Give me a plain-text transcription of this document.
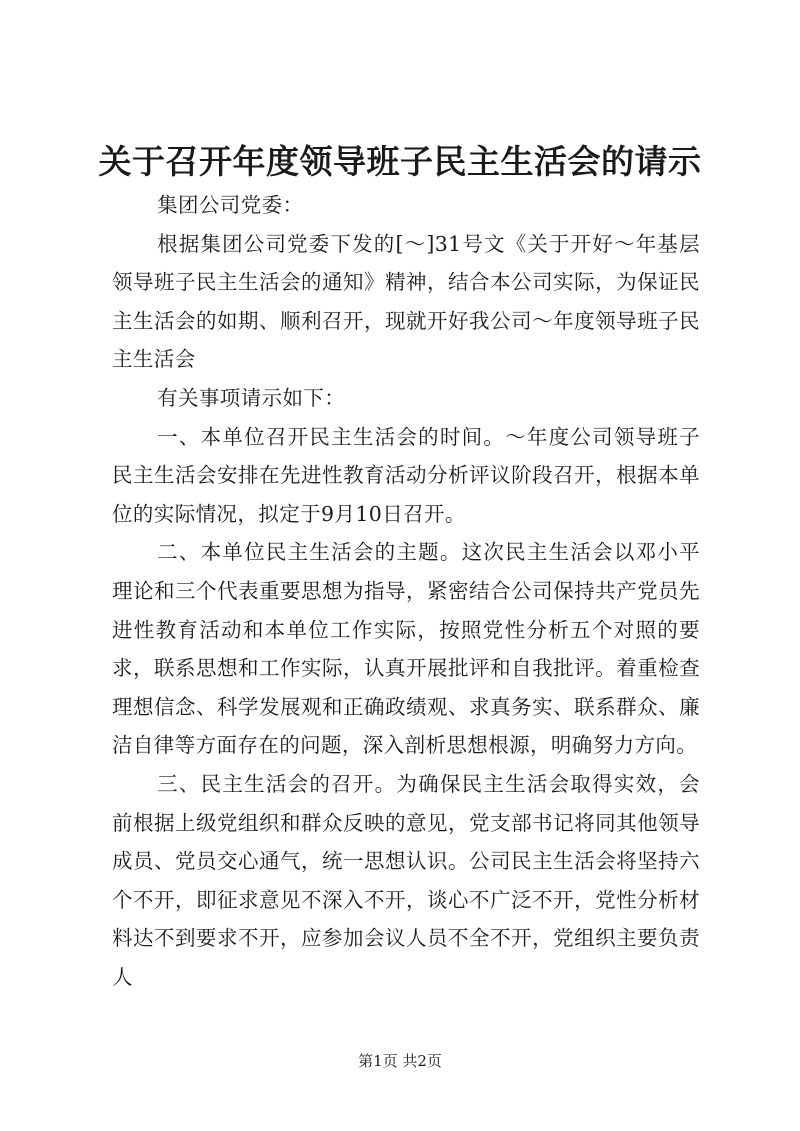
关于召开年度领导班子民主生活会的请示

集团公司党委：

根据集团公司党委下发的[～]31号文《关于开好～年基层领导班子民主生活会的通知》精神，结合本公司实际，为保证民主生活会的如期、顺利召开，现就开好我公司～年度领导班子民主生活会

有关事项请示如下：

一、本单位召开民主生活会的时间。～年度公司领导班子民主生活会安排在先进性教育活动分析评议阶段召开，根据本单位的实际情况，拟定于9月10日召开。

二、本单位民主生活会的主题。这次民主生活会以邓小平理论和三个代表重要思想为指导，紧密结合公司保持共产党员先进性教育活动和本单位工作实际，按照党性分析五个对照的要求，联系思想和工作实际，认真开展批评和自我批评。着重检查理想信念、科学发展观和正确政绩观、求真务实、联系群众、廉洁自律等方面存在的问题，深入剖析思想根源，明确努力方向。

三、民主生活会的召开。为确保民主生活会取得实效，会前根据上级党组织和群众反映的意见，党支部书记将同其他领导成员、党员交心通气，统一思想认识。公司民主生活会将坚持六个不开，即征求意见不深入不开，谈心不广泛不开，党性分析材料达不到要求不开，应参加会议人员不全不开，党组织主要负责人

第1页 共2页
